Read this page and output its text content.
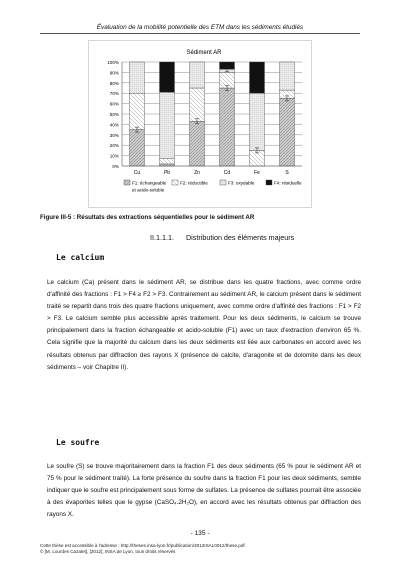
Évaluation de la mobilité potentielle des ETM dans les sédiments étudiés
Sédiment AR
0%
10%
20%
30%
40%
50%
60%
70%
80%
90%
100%
Cu	Pb	Zn	Cd	Fe	S
F1: échangeable et acido-soluble
F2: réductible	F3: oxydable	F4: résiduelle
Figure III-5 : Résultats des extractions séquentielles pour le sédiment AR
II.1.1.1. Distribution des éléments majeurs
Le calcium
Le calcium (Ca) présent dans le sédiment AR, se distribue dans les quatre fractions, avec comme ordre d'affinité des fractions : F1 > F4 ≥ F2 > F3. Contrairement au sédiment AR, le calcium présent dans le sédiment traité se repartit dans trois des quatre fractions uniquement, avec comme ordre d'affinité des fractions : F1 > F2 > F3. Le calcium semble plus accessible après traitement. Pour les deux sédiments, le calcium se trouve principalement dans la fraction échangeable et acido-soluble (F1) avec un taux d'extraction d'environ 65 %. Cela signifie que la majorité du calcium dans les deux sédiments est liée aux carbonates en accord avec les résultats obtenus par diffraction des rayons X (présence de calcite, d'aragonite et de dolomite dans les deux sédiments – voir Chapitre II).
Le soufre
Le soufre (S) se trouve majoritairement dans la fraction F1 des deux sédiments (65 % pour le sédiment AR et 75 % pour le sédiment traité). La forte présence du soufre dans la fraction F1 pour les deux sédiments, semble indiquer que le soufre est principalement sous forme de sulfates. La présence de sulfates pourrait être associée à des évaporites telles que le gypse (CaSO₄.2H₂O), en accord avec les résultats obtenus par diffraction des rayons X.
- 135 -
Cette thèse est accessible à l'adresse : http://theses.insa-lyon.fr/publication/2012ISAL0012/these.pdf
© [M. Lourdes Cazalet], [2012], INSA de Lyon, tous droits réservés
